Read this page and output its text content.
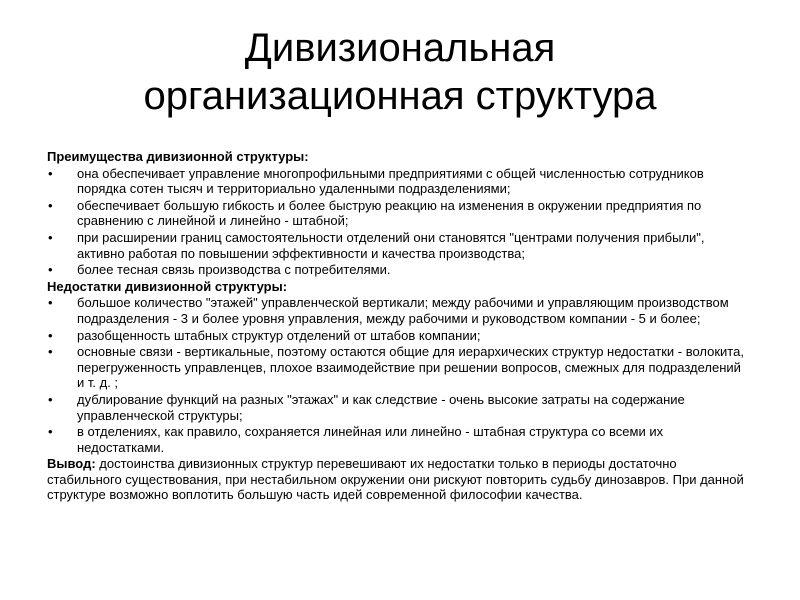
Дивизиональная
организационная структура
Преимущества дивизионной структуры:
• она обеспечивает управление многопрофильными предприятиями с общей численностью сотрудников порядка сотен тысяч и территориально удаленными подразделениями;
• обеспечивает большую гибкость и более быструю реакцию на изменения в окружении предприятия по сравнению с линейной и линейно - штабной;
• при расширении границ самостоятельности отделений они становятся "центрами получения прибыли", активно работая по повышении эффективности и качества производства;
• более тесная связь производства с потребителями.
Недостатки дивизионной структуры:
• большое количество "этажей" управленческой вертикали; между рабочими и управляющим производством подразделения - 3 и более уровня управления, между рабочими и руководством компании - 5 и более;
• разобщенность штабных структур отделений от штабов компании;
• основные связи - вертикальные, поэтому остаются общие для иерархических структур недостатки - волокита, перегруженность управленцев, плохое взаимодействие при решении вопросов, смежных для подразделений и т. д. ;
• дублирование функций на разных "этажах" и как следствие - очень высокие затраты на содержание управленческой структуры;
• в отделениях, как правило, сохраняется линейная или линейно - штабная структура со всеми их недостатками.

Вывод: достоинства дивизионных структур перевешивают их недостатки только в периоды достаточно стабильного существования, при нестабильном окружении они рискуют повторить судьбу динозавров. При данной структуре возможно воплотить большую часть идей современной философии качества.
